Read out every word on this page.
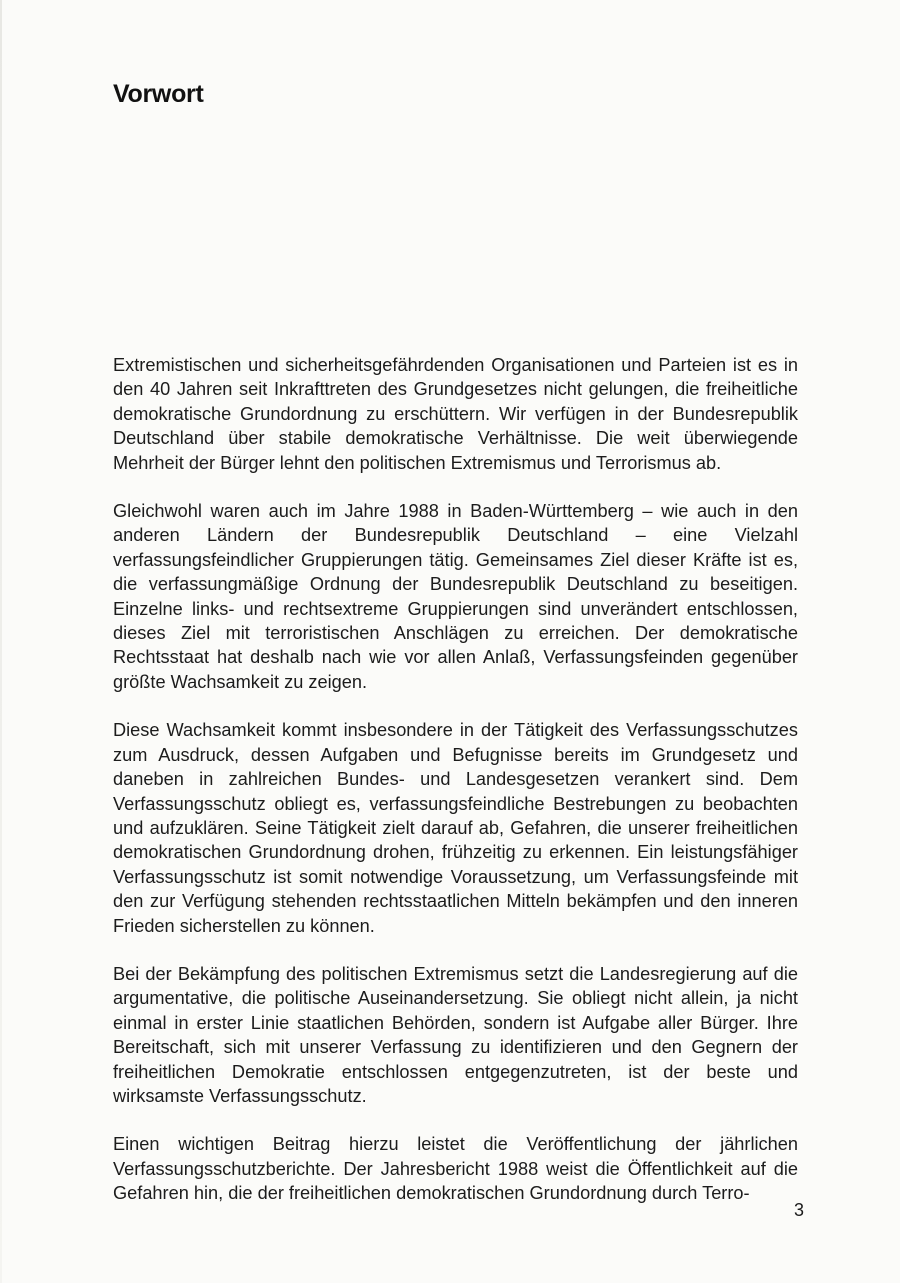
Vorwort

Extremistischen und sicherheitsgefährdenden Organisationen und Parteien ist es in den 40 Jahren seit Inkrafttreten des Grundgesetzes nicht gelungen, die freiheitliche demokratische Grundordnung zu erschüttern. Wir verfügen in der Bundesrepublik Deutschland über stabile demokratische Verhältnisse. Die weit überwiegende Mehrheit der Bürger lehnt den politischen Extremismus und Terrorismus ab.

Gleichwohl waren auch im Jahre 1988 in Baden-Württemberg – wie auch in den anderen Ländern der Bundesrepublik Deutschland – eine Vielzahl verfassungsfeindlicher Gruppierungen tätig. Gemeinsames Ziel dieser Kräfte ist es, die verfassungmäßige Ordnung der Bundesrepublik Deutschland zu beseitigen. Einzelne links- und rechtsextreme Gruppierungen sind unverändert entschlossen, dieses Ziel mit terroristischen Anschlägen zu erreichen. Der demokratische Rechtsstaat hat deshalb nach wie vor allen Anlaß, Verfassungsfeinden gegenüber größte Wachsamkeit zu zeigen.

Diese Wachsamkeit kommt insbesondere in der Tätigkeit des Verfassungsschutzes zum Ausdruck, dessen Aufgaben und Befugnisse bereits im Grundgesetz und daneben in zahlreichen Bundes- und Landesgesetzen verankert sind. Dem Verfassungsschutz obliegt es, verfassungsfeindliche Bestrebungen zu beobachten und aufzuklären. Seine Tätigkeit zielt darauf ab, Gefahren, die unserer freiheitlichen demokratischen Grundordnung drohen, frühzeitig zu erkennen. Ein leistungsfähiger Verfassungsschutz ist somit notwendige Voraussetzung, um Verfassungsfeinde mit den zur Verfügung stehenden rechtsstaatlichen Mitteln bekämpfen und den inneren Frieden sicherstellen zu können.

Bei der Bekämpfung des politischen Extremismus setzt die Landesregierung auf die argumentative, die politische Auseinandersetzung. Sie obliegt nicht allein, ja nicht einmal in erster Linie staatlichen Behörden, sondern ist Aufgabe aller Bürger. Ihre Bereitschaft, sich mit unserer Verfassung zu identifizieren und den Gegnern der freiheitlichen Demokratie entschlossen entgegenzutreten, ist der beste und wirksamste Verfassungsschutz.

Einen wichtigen Beitrag hierzu leistet die Veröffentlichung der jährlichen Verfassungsschutzberichte. Der Jahresbericht 1988 weist die Öffentlichkeit auf die Gefahren hin, die der freiheitlichen demokratischen Grundordnung durch Terro-

3
